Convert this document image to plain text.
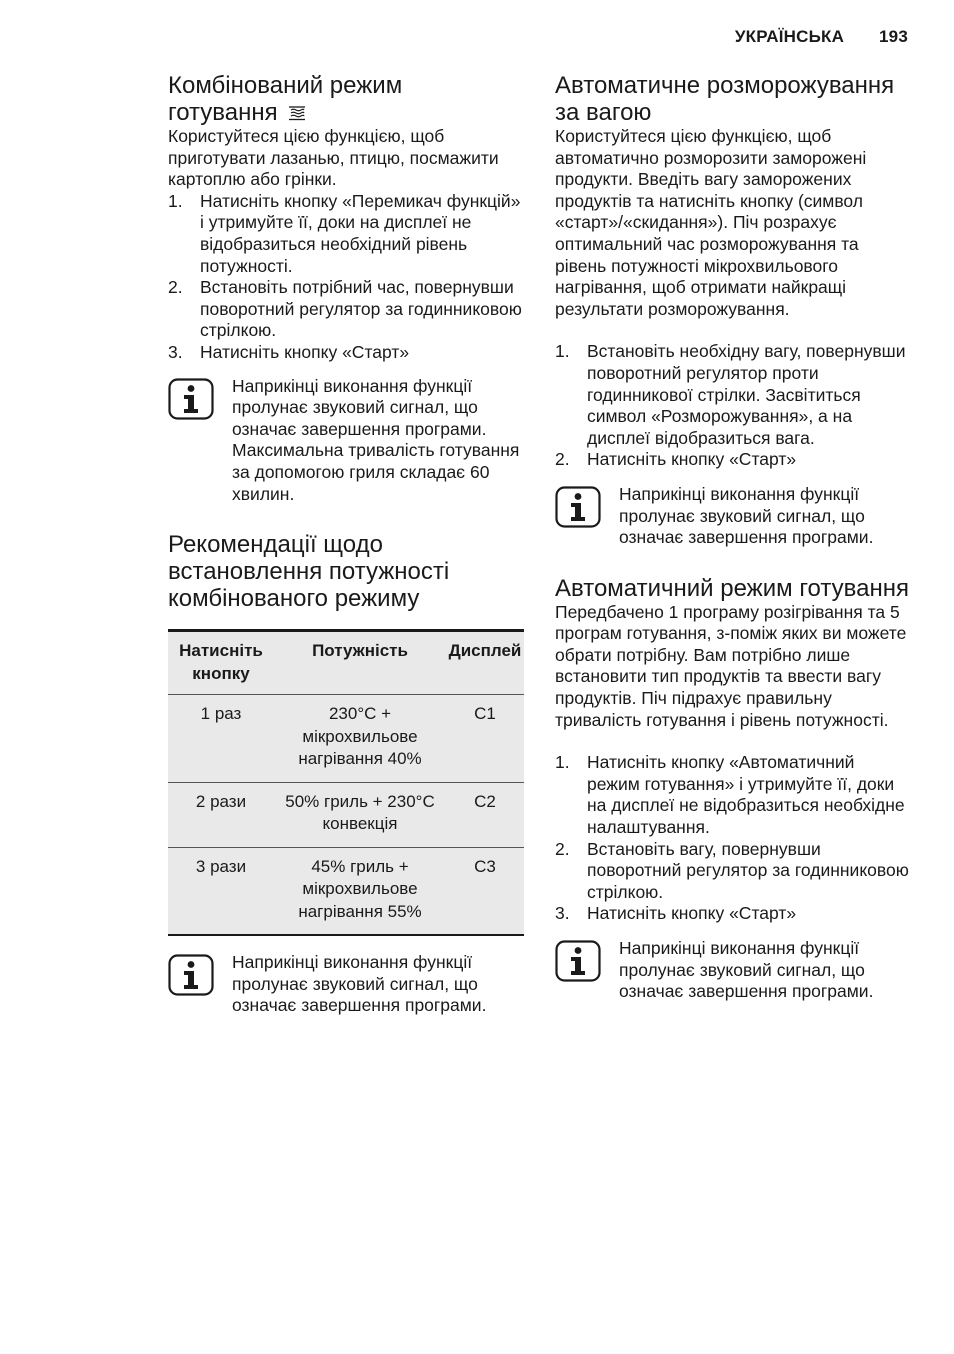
УКРАЇНСЬКА 193
Комбінований режим
готування

Користуйтеся цією функцією, щоб приготувати лазанью, птицю, посмажити картоплю або грінки.

1. Натисніть кнопку «Перемикач функцій» і утримуйте її, доки на дисплеї не відобразиться необхідний рівень потужності.
2. Встановіть потрібний час, повернувши поворотний регулятор за годинниковою стрілкою.
3. Натисніть кнопку «Старт»

Наприкінці виконання функції пролунає звуковий сигнал, що означає завершення програми. Максимальна тривалість готування за допомогою гриля складає 60 хвилин.

Рекомендації щодо встановлення потужності комбінованого режиму
Натисніть кнопку	Потужність	Дисплей
1 раз	230°C + мікрохвильове нагрівання 40%	C1
2 рази	50% гриль + 230°C конвекція	C2
3 рази	45% гриль + мікрохвильове нагрівання 55%	C3

Наприкінці виконання функції пролунає звуковий сигнал, що означає завершення програми.

Автоматичне розморожування за вагою

Користуйтеся цією функцією, щоб автоматично розморозити заморожені продукти. Введіть вагу заморожених продуктів та натисніть кнопку (символ «старт»/«скидання»). Піч розрахує оптимальний час розморожування та рівень потужності мікрохвильового нагрівання, щоб отримати найкращі результати розморожування.

1. Встановіть необхідну вагу, повернувши поворотний регулятор проти годинникової стрілки. Засвітиться символ «Розморожування», а на дисплеї відобразиться вага.
2. Натисніть кнопку «Старт»

Наприкінці виконання функції пролунає звуковий сигнал, що означає завершення програми.

Автоматичний режим готування

Передбачено 1 програму розігрівання та 5 програм готування, з-поміж яких ви можете обрати потрібну. Вам потрібно лише встановити тип продуктів та ввести вагу продуктів. Піч підрахує правильну тривалість готування і рівень потужності.

1. Натисніть кнопку «Автоматичний режим готування» і утримуйте її, доки на дисплеї не відобразиться необхідне налаштування.
2. Встановіть вагу, повернувши поворотний регулятор за годинниковою стрілкою.
3. Натисніть кнопку «Старт»

Наприкінці виконання функції пролунає звуковий сигнал, що означає завершення програми.
